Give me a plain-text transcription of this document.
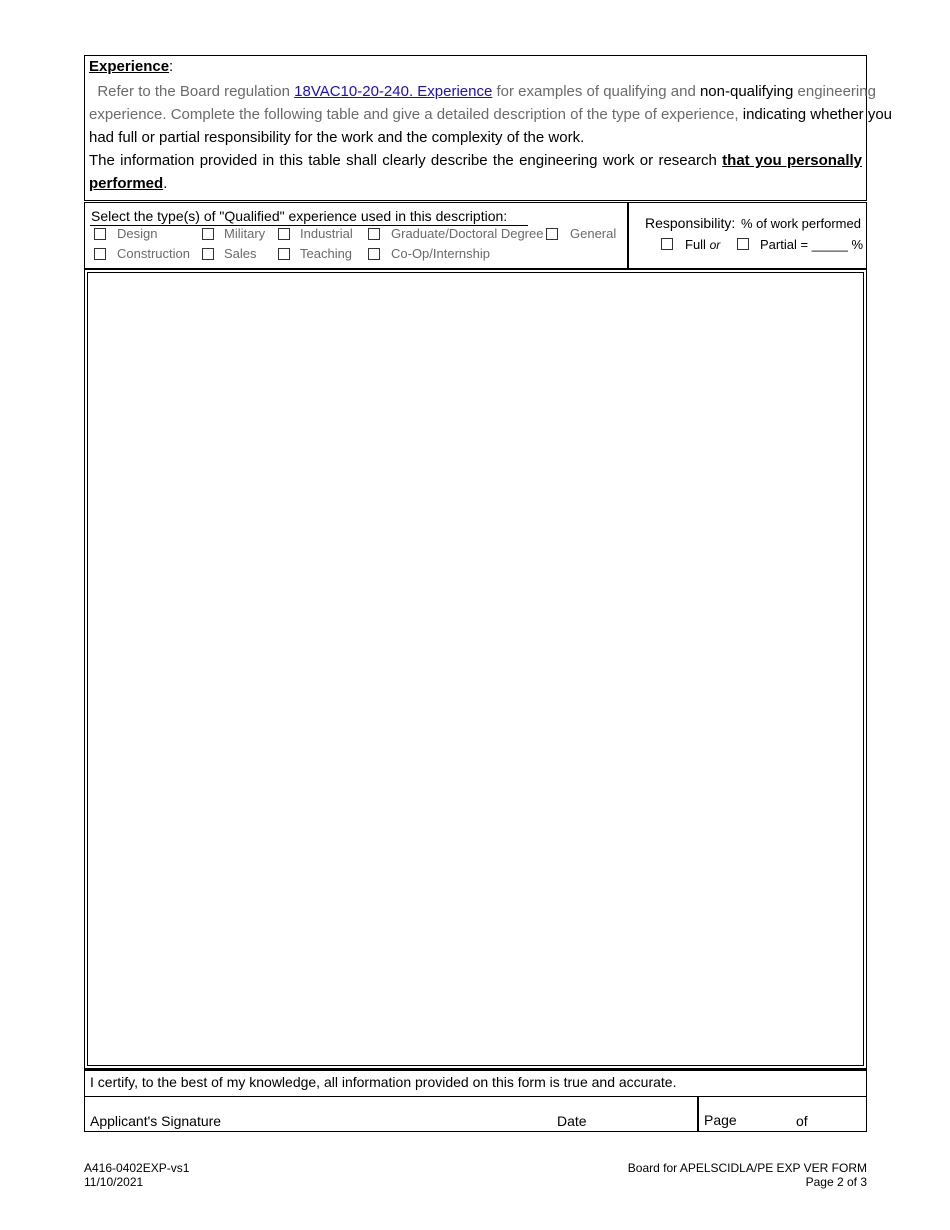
Experience:
Refer to the Board regulation 18VAC10-20-240. Experience for examples of qualifying and non-qualifying engineering
experience. Complete the following table and give a detailed description of the type of experience, indicating whether you
had full or partial responsibility for the work and the complexity of the work.
The information provided in this table shall clearly describe the engineering work or research that you personally
performed.
Select the type(s) of "Qualified" experience used in this description:
Design	Military	Industrial	Graduate/Doctoral Degree General
Construction	Sales	Teaching	Co-Op/Internship
Responsibility: % of work performed
Full or	Partial = _____ %
I certify, to the best of my knowledge, all information provided on this form is true and accurate.
Applicant's Signature	Date	Page	of
A416-0402EXP-vs1
11/10/2021
Board for APELSCIDLA/PE EXP VER FORM
Page 2 of 3
